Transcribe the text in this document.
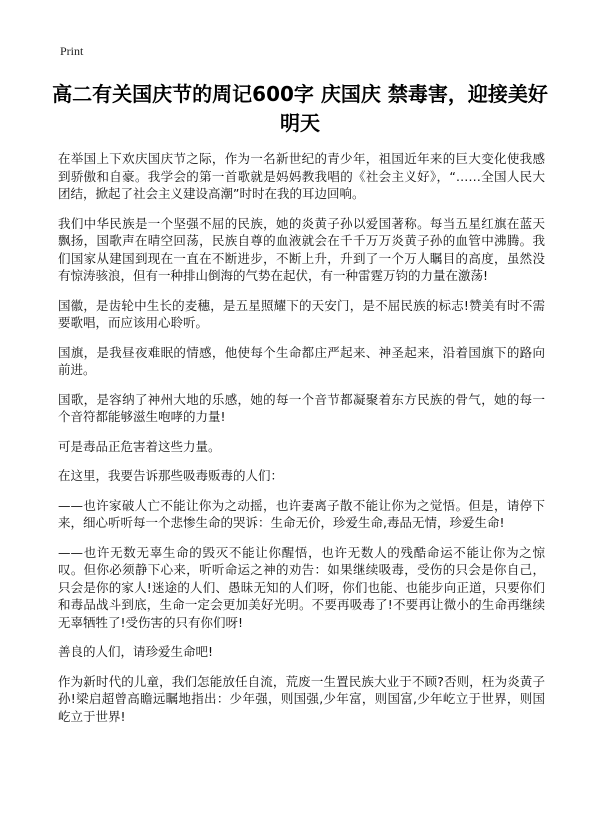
Print
高二有关国庆节的周记600字 庆国庆 禁毒害，迎接美好明天

在举国上下欢庆国庆节之际，作为一名新世纪的青少年，祖国近年来的巨大变化使我感到骄傲和自豪。我学会的第一首歌就是妈妈教我唱的《社会主义好》，“……全国人民大团结，掀起了社会主义建设高潮”时时在我的耳边回响。

我们中华民族是一个坚强不屈的民族，她的炎黄子孙以爱国著称。每当五星红旗在蓝天飘扬，国歌声在晴空回荡，民族自尊的血液就会在千千万万炎黄子孙的血管中沸腾。我们国家从建国到现在一直在不断进步，不断上升，升到了一个万人瞩目的高度，虽然没有惊涛骇浪，但有一种排山倒海的气势在起伏，有一种雷霆万钧的力量在激荡!

国徽，是齿轮中生长的麦穗，是五星照耀下的天安门，是不屈民族的标志!赞美有时不需要歌唱，而应该用心聆听。

国旗，是我昼夜难眠的情感，他使每个生命都庄严起来、神圣起来，沿着国旗下的路向前进。

国歌，是容纳了神州大地的乐感，她的每一个音节都凝聚着东方民族的骨气，她的每一个音符都能够滋生咆哮的力量!

可是毒品正危害着这些力量。

在这里，我要告诉那些吸毒贩毒的人们：

——也许家破人亡不能让你为之动摇，也许妻离子散不能让你为之觉悟。但是，请停下来，细心听听每一个悲惨生命的哭诉：生命无价，珍爱生命,毒品无情，珍爱生命!

——也许无数无辜生命的毁灭不能让你醒悟，也许无数人的残酷命运不能让你为之惊叹。但你必须静下心来，听听命运之神的劝告：如果继续吸毒，受伤的只会是你自己，只会是你的家人!迷途的人们、愚昧无知的人们呀，你们也能、也能步向正道，只要你们和毒品战斗到底，生命一定会更加美好光明。不要再吸毒了!不要再让微小的生命再继续无辜牺牲了!受伤害的只有你们呀!

善良的人们，请珍爱生命吧!

作为新时代的儿童，我们怎能放任自流，荒废一生置民族大业于不顾?否则，枉为炎黄子孙!梁启超曾高瞻远瞩地指出：少年强，则国强,少年富，则国富,少年屹立于世界，则国屹立于世界!
